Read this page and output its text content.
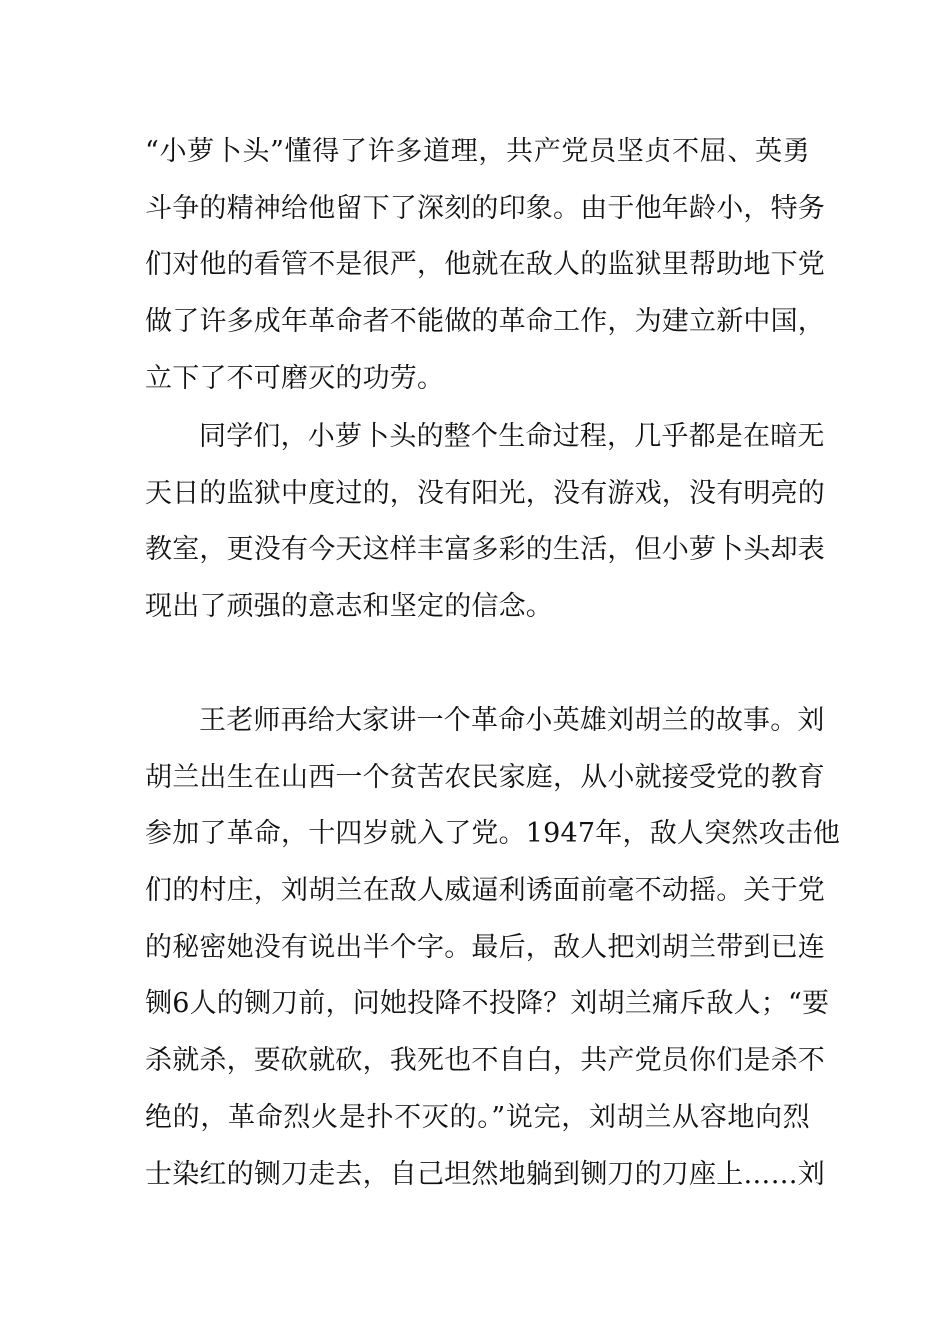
“小萝卜头”懂得了许多道理，共产党员坚贞不屈、英勇
斗争的精神给他留下了深刻的印象。由于他年龄小，特务
们对他的看管不是很严，他就在敌人的监狱里帮助地下党
做了许多成年革命者不能做的革命工作，为建立新中国，
立下了不可磨灭的功劳。
同学们，小萝卜头的整个生命过程，几乎都是在暗无
天日的监狱中度过的，没有阳光，没有游戏，没有明亮的
教室，更没有今天这样丰富多彩的生活，但小萝卜头却表
现出了顽强的意志和坚定的信念。
王老师再给大家讲一个革命小英雄刘胡兰的故事。刘
胡兰出生在山西一个贫苦农民家庭，从小就接受党的教育
参加了革命，十四岁就入了党。1947年，敌人突然攻击他
们的村庄，刘胡兰在敌人威逼利诱面前毫不动摇。关于党
的秘密她没有说出半个字。最后，敌人把刘胡兰带到已连
铡6人的铡刀前，问她投降不投降？刘胡兰痛斥敌人；“要
杀就杀，要砍就砍，我死也不自白，共产党员你们是杀不
绝的，革命烈火是扑不灭的。”说完，刘胡兰从容地向烈
士染红的铡刀走去，自己坦然地躺到铡刀的刀座上……刘
